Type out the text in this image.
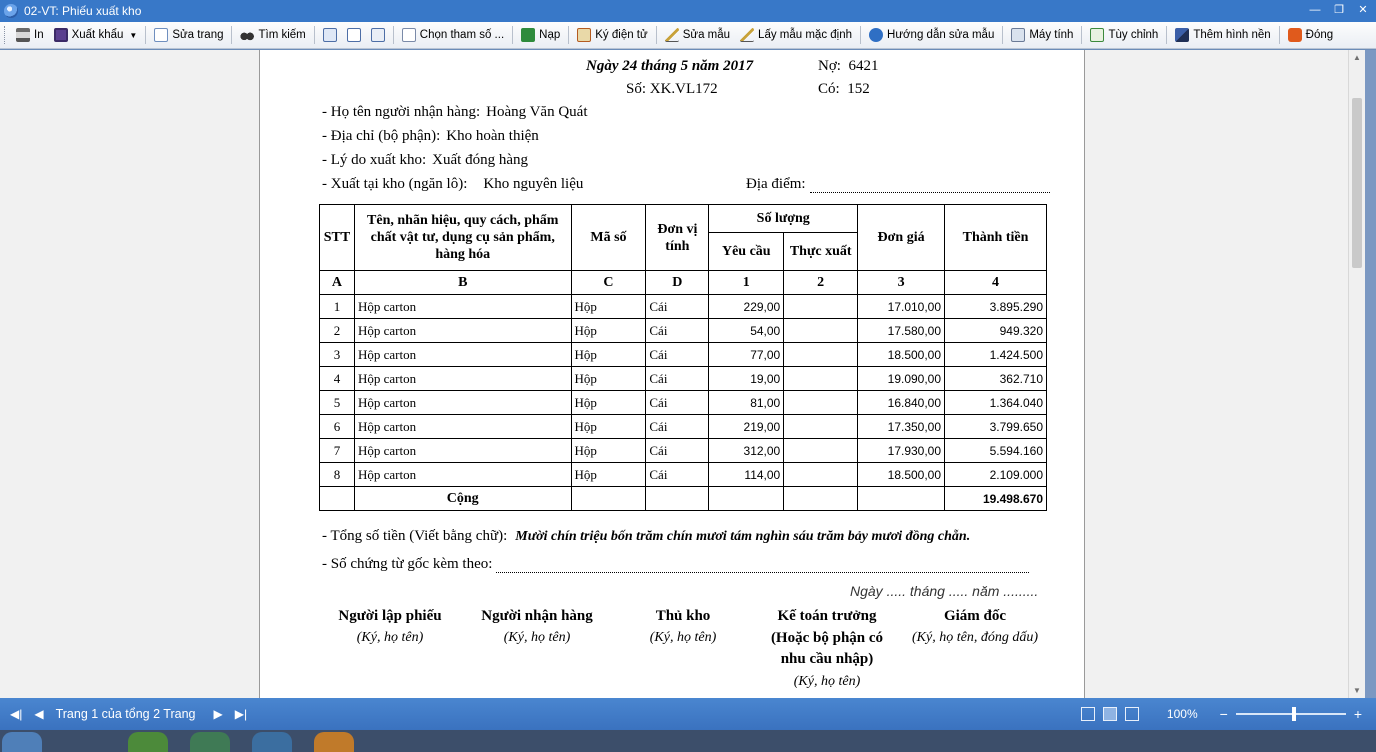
02-VT: Phiếu xuất kho	— ❐ ✕
In Xuất khẩu ▼	Sửa trang	Tìm kiếm	Chọn tham số ...	Nạp	Ký điện tử	Sửa mẫu Lấy mẫu mặc định	Hướng dẫn sửa mẫu	Máy tính	Tùy chỉnh	Thêm hình nền	Đóng
Ngày 24 tháng 5 năm 2017	Nợ: 6421
Số: XK.VL172	Có: 152
- Họ tên người nhận hàng: Hoàng Văn Quát
- Địa chỉ (bộ phận): Kho hoàn thiện
- Lý do xuất kho: Xuất đóng hàng
- Xuất tại kho (ngăn lô): Kho nguyên liệu	Địa điểm:
STT	Tên, nhãn hiệu, quy cách, phẩm chất vật tư, dụng cụ sản phẩm, hàng hóa	Mã số	Đơn vị tính	Số lượng		Đơn giá	Thành tiền
				Yêu cầu	Thực xuất		
A	B	C	D	1	2	3	4
1	Hộp carton	Hộp	Cái	229,00		17.010,00	3.895.290
2	Hộp carton	Hộp	Cái	54,00		17.580,00	949.320
3	Hộp carton	Hộp	Cái	77,00		18.500,00	1.424.500
4	Hộp carton	Hộp	Cái	19,00		19.090,00	362.710
5	Hộp carton	Hộp	Cái	81,00		16.840,00	1.364.040
6	Hộp carton	Hộp	Cái	219,00		17.350,00	3.799.650
7	Hộp carton	Hộp	Cái	312,00		17.930,00	5.594.160
8	Hộp carton	Hộp	Cái	114,00		18.500,00	2.109.000
	Cộng						19.498.670
- Tổng số tiền (Viết bằng chữ): Mười chín triệu bốn trăm chín mươi tám nghìn sáu trăm bảy mươi đồng chẵn.
- Số chứng từ gốc kèm theo:
Ngày ..... tháng ..... năm .........
Người lập phiếu
(Ký, họ tên)
Người nhận hàng
(Ký, họ tên)
Thủ kho
(Ký, họ tên)
Kế toán trưởng
(Hoặc bộ phận có nhu cầu nhập)
(Ký, họ tên)
Giám đốc
(Ký, họ tên, đóng dấu)
▲
▼
◀| ◀ Trang 1 của tổng 2 Trang ▶ ▶|	100% −	+
